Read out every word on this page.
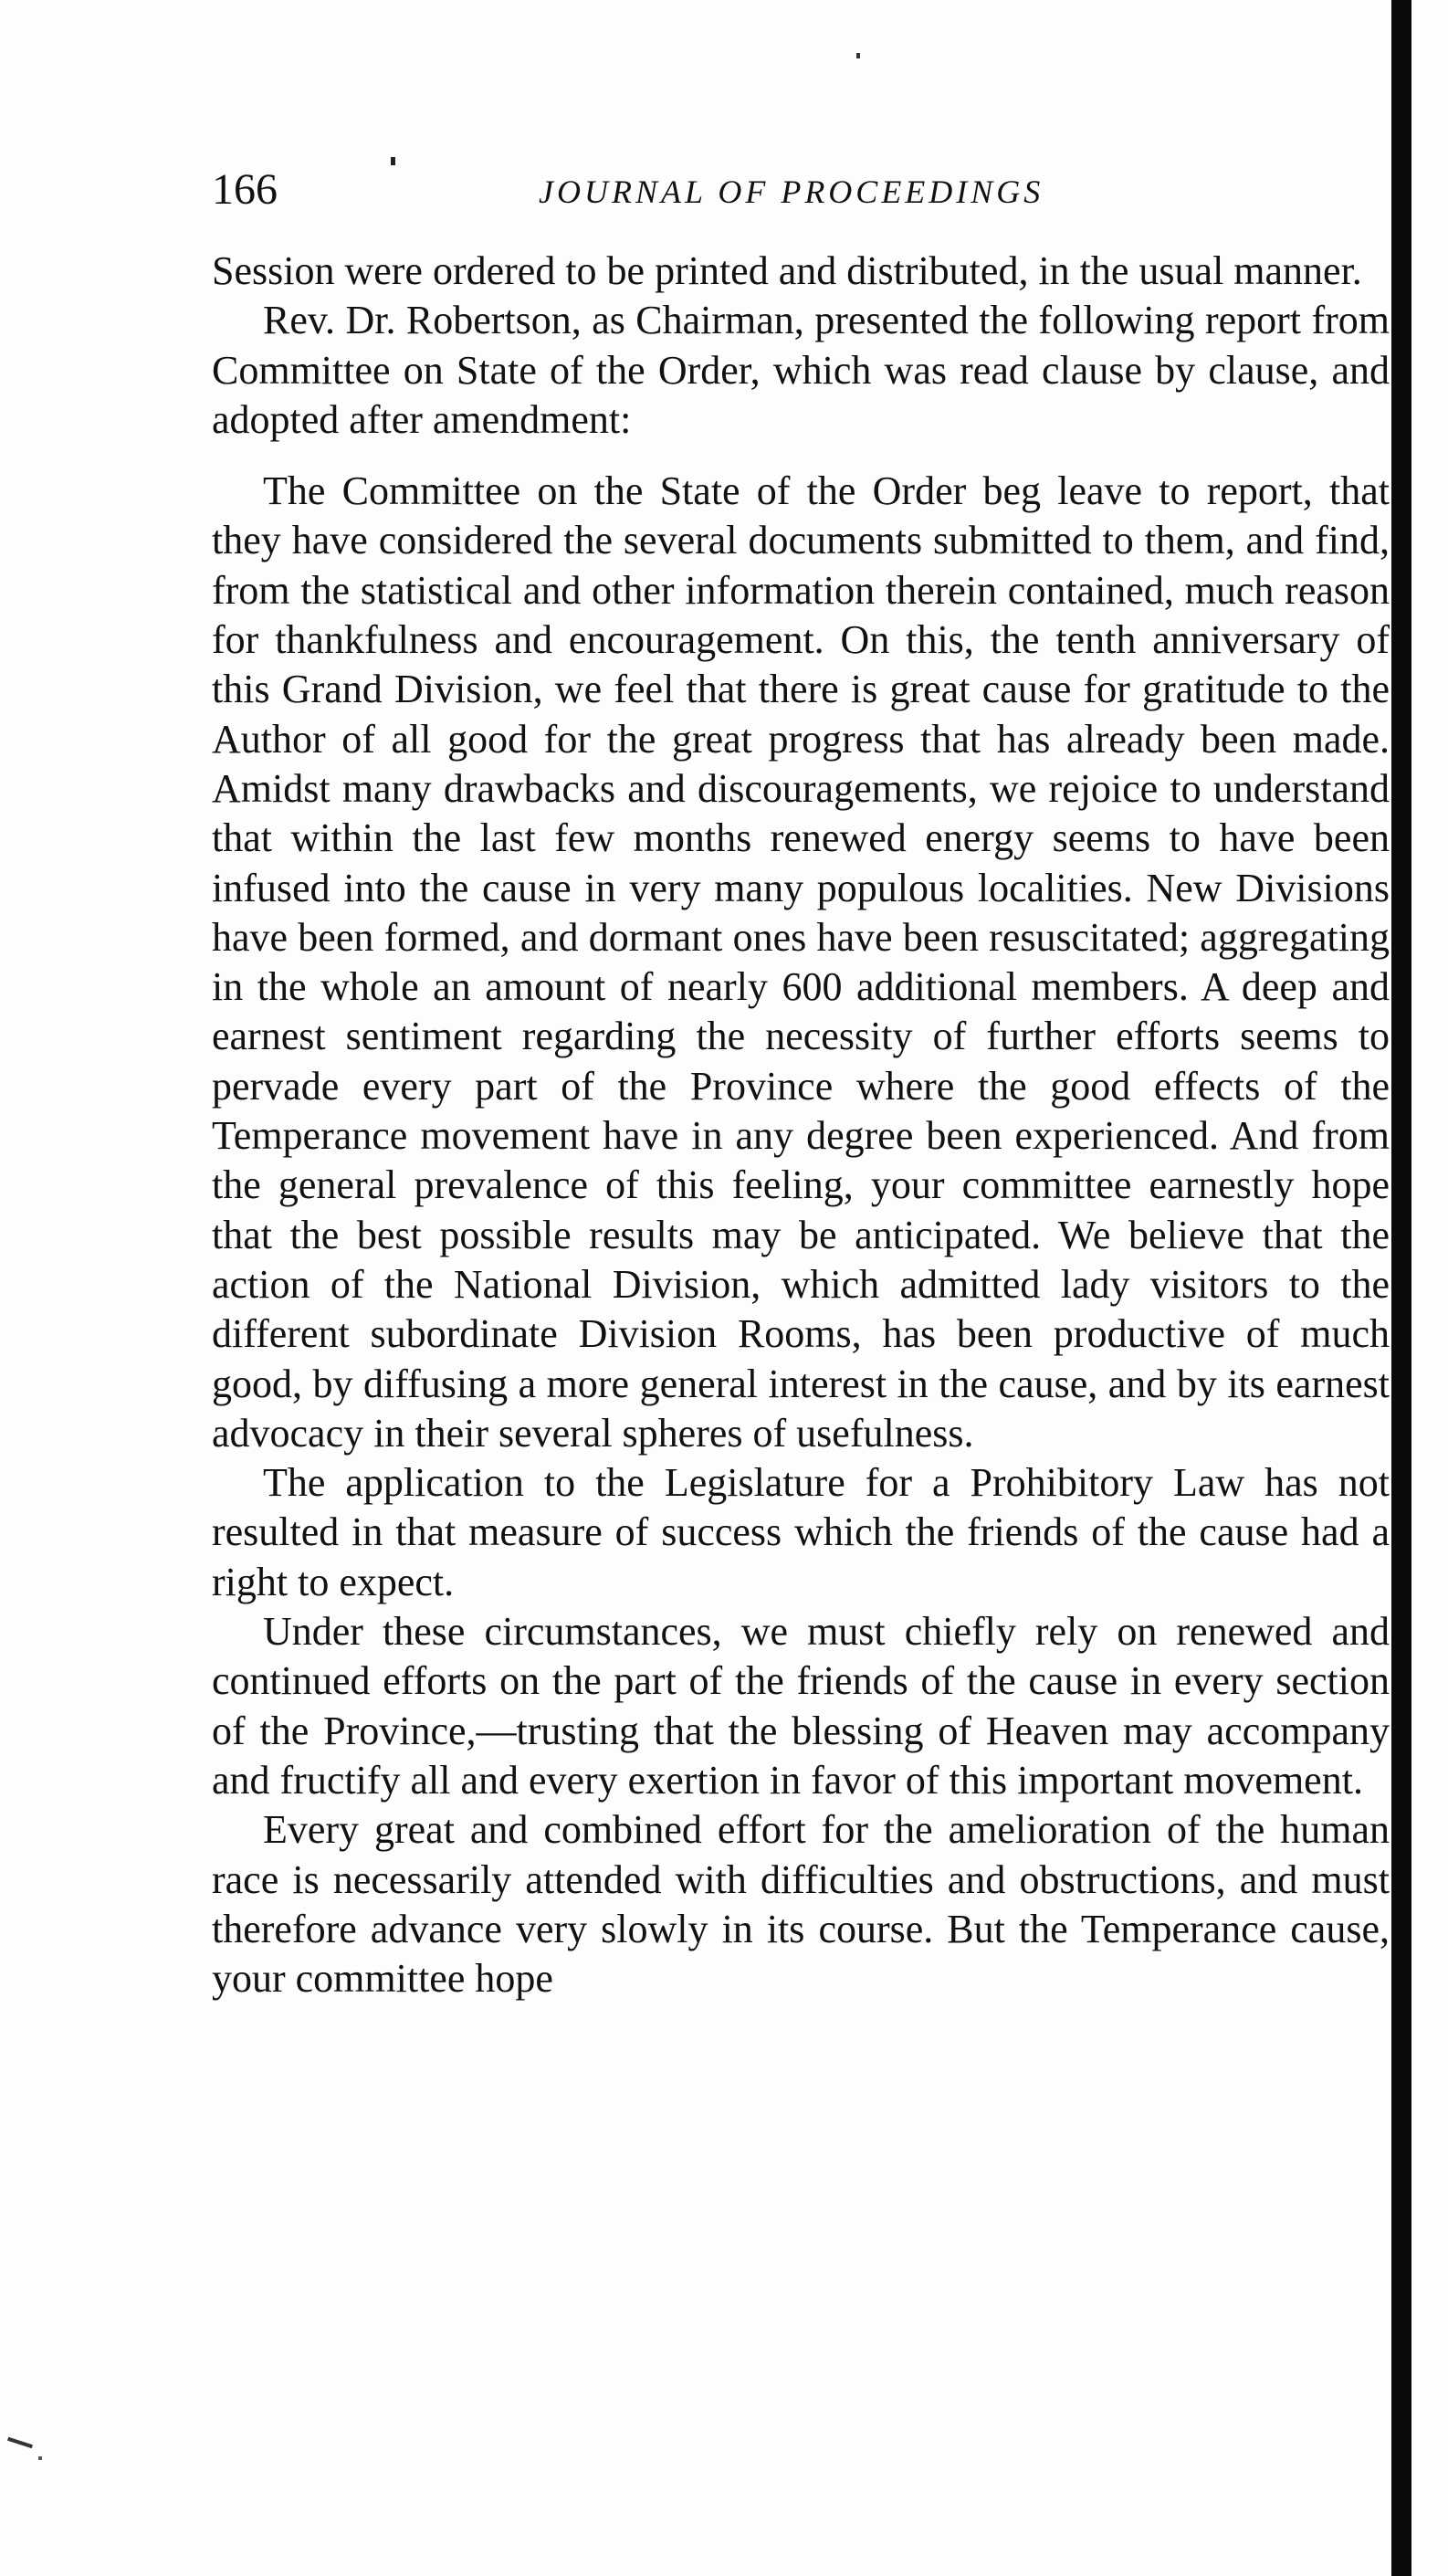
166	JOURNAL OF PROCEEDINGS

Session were ordered to be printed and distributed, in the usual manner.

Rev. Dr. Robertson, as Chairman, presented the following report from Committee on State of the Order, which was read clause by clause, and adopted after amendment:

The Committee on the State of the Order beg leave to report, that they have considered the several documents submitted to them, and find, from the statistical and other information therein contained, much reason for thankfulness and encouragement. On this, the tenth anniversary of this Grand Division, we feel that there is great cause for gratitude to the Author of all good for the great progress that has already been made. Amidst many drawbacks and discouragements, we rejoice to understand that within the last few months renewed energy seems to have been infused into the cause in very many populous localities. New Divisions have been formed, and dormant ones have been resuscitated; aggregating in the whole an amount of nearly 600 additional members. A deep and earnest sentiment regarding the necessity of further efforts seems to pervade every part of the Province where the good effects of the Temperance movement have in any degree been experienced. And from the general prevalence of this feeling, your committee earnestly hope that the best possible results may be anticipated. We believe that the action of the National Division, which admitted lady visitors to the different subordinate Division Rooms, has been productive of much good, by diffusing a more general interest in the cause, and by its earnest advocacy in their several spheres of usefulness.

The application to the Legislature for a Prohibitory Law has not resulted in that measure of success which the friends of the cause had a right to expect.

Under these circumstances, we must chiefly rely on renewed and continued efforts on the part of the friends of the cause in every section of the Province,—trusting that the blessing of Heaven may accompany and fructify all and every exertion in favor of this important movement.

Every great and combined effort for the amelioration of the human race is necessarily attended with difficulties and obstructions, and must therefore advance very slowly in its course. But the Temperance cause, your committee hope
